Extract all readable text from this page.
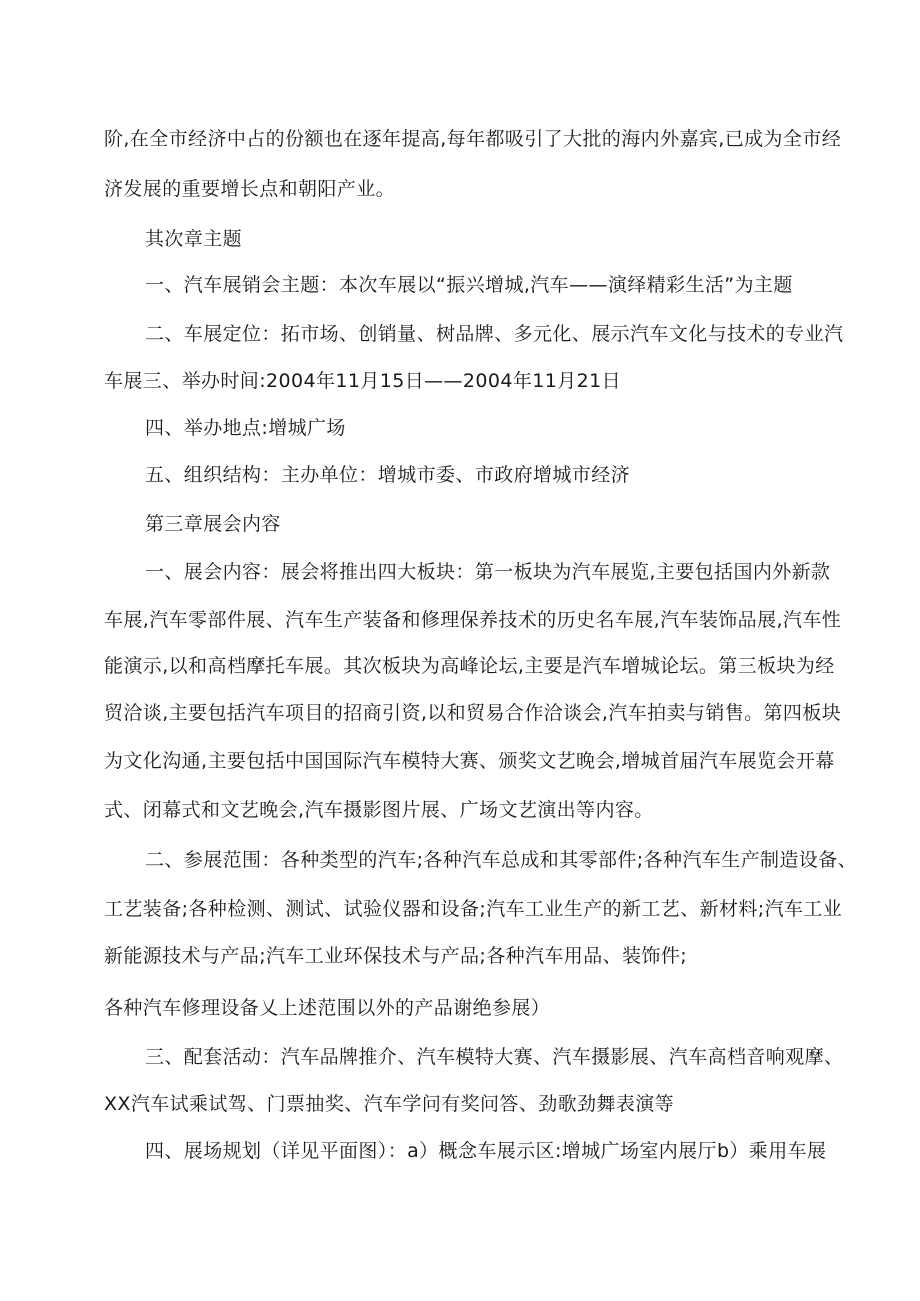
阶,在全市经济中占的份额也在逐年提高,每年都吸引了大批的海内外嘉宾,已成为全市经
济发展的重要增长点和朝阳产业。
其次章主题
一、汽车展销会主题：本次车展以“振兴增城,汽车——演绎精彩生活”为主题
二、车展定位：拓市场、创销量、树品牌、多元化、展示汽车文化与技术的专业汽
车展三、举办时间:2004年11月15日——2004年11月21日
四、举办地点:增城广场
五、组织结构：主办单位：增城市委、市政府增城市经济
第三章展会内容
一、展会内容：展会将推出四大板块：第一板块为汽车展览,主要包括国内外新款
车展,汽车零部件展、汽车生产装备和修理保养技术的历史名车展,汽车装饰品展,汽车性
能演示,以和高档摩托车展。其次板块为高峰论坛,主要是汽车增城论坛。第三板块为经
贸洽谈,主要包括汽车项目的招商引资,以和贸易合作洽谈会,汽车拍卖与销售。第四板块
为文化沟通,主要包括中国国际汽车模特大赛、颁奖文艺晚会,增城首届汽车展览会开幕
式、闭幕式和文艺晚会,汽车摄影图片展、广场文艺演出等内容。
二、参展范围：各种类型的汽车;各种汽车总成和其零部件;各种汽车生产制造设备、
工艺装备;各种检测、测试、试验仪器和设备;汽车工业生产的新工艺、新材料;汽车工业
新能源技术与产品;汽车工业环保技术与产品;各种汽车用品、装饰件;
各种汽车修理设备乂上述范围以外的产品谢绝参展）
三、配套活动：汽车品牌推介、汽车模特大赛、汽车摄影展、汽车高档音响观摩、
XX汽车试乘试驾、门票抽奖、汽车学问有奖问答、劲歌劲舞表演等
四、展场规划（详见平面图）：a）概念车展示区:增城广场室内展厅b）乘用车展
